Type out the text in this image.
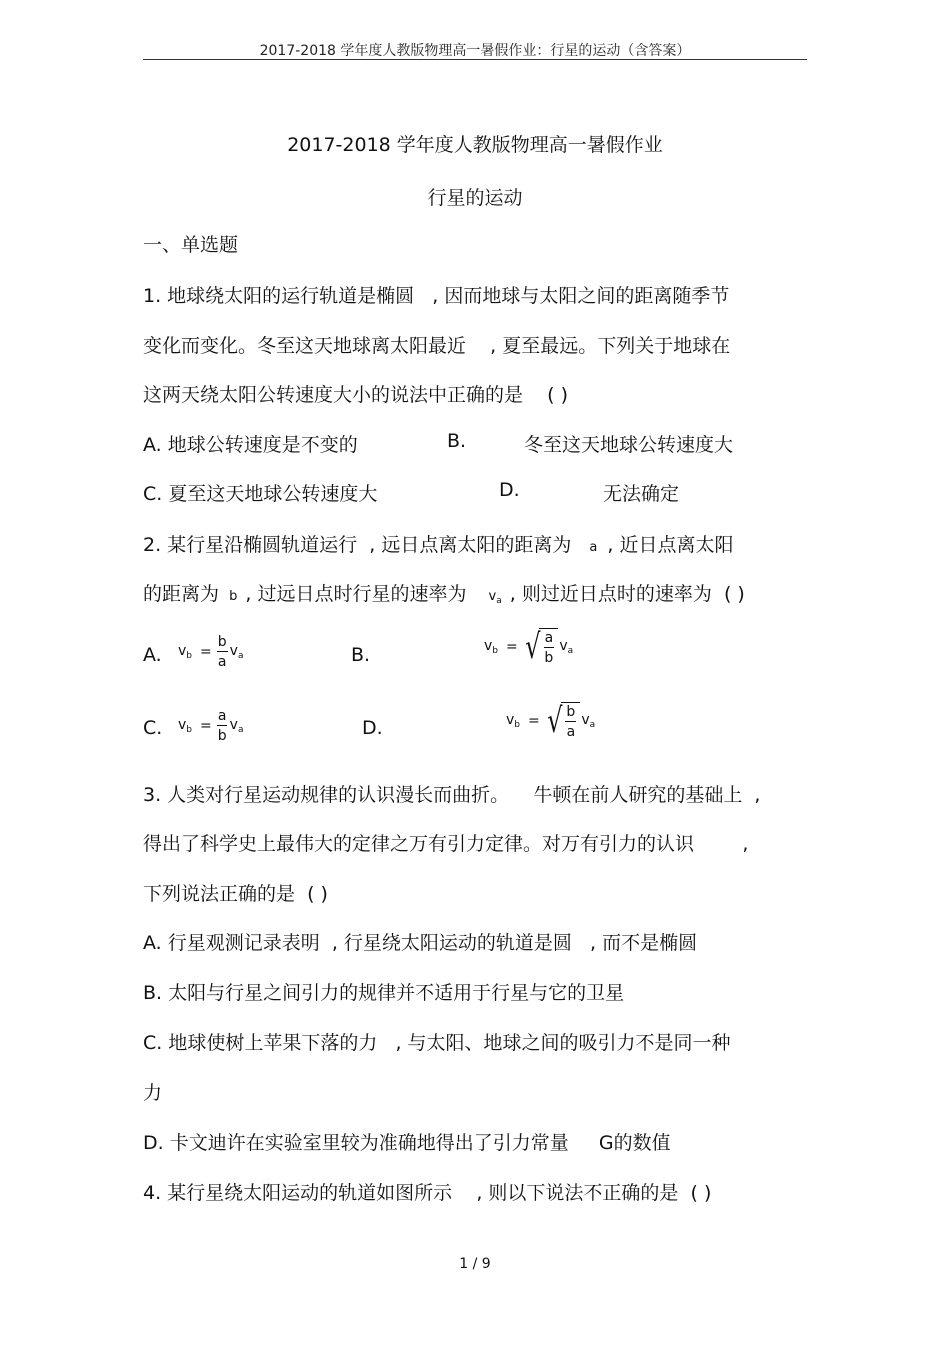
2017-2018 学年度人教版物理高一暑假作业：行星的运动（含答案）
2017-2018 学年度人教版物理高一暑假作业
行星的运动
一、单选题
1. 地球绕太阳的运行轨道是椭圆   , 因而地球与太阳之间的距离随季节
变化而变化。冬至这天地球离太阳最近    , 夏至最远。下列关于地球在
这两天绕太阳公转速度大小的说法中正确的是    ( )
A. 地球公转速度是不变的	B.	冬至这天地球公转速度大
C. 夏至这天地球公转速度大	D.	无法确定
2. 某行星沿椭圆轨道运行  , 远日点离太阳的距离为 a , 近日点离太阳
的距离为 b , 过远日点时行星的速率为 $v_a$ , 则过近日点时的速率为  ( )
A. $v_b = \frac{b}{a} v_a$	B.	$v_b$ = √ $\frac{a}{b} v_a$
C. $v_b = \frac{a}{b} v_a$	D.	$v_b$ = √ $\frac{b}{a} v_a$
3. 人类对行星运动规律的认识漫长而曲折。    牛顿在前人研究的基础上  ,
得出了科学史上最伟大的定律之万有引力定律。对万有引力的认识        ,
下列说法正确的是  ( )
A. 行星观测记录表明  , 行星绕太阳运动的轨道是圆   , 而不是椭圆
B. 太阳与行星之间引力的规律并不适用于行星与它的卫星
C. 地球使树上苹果下落的力   , 与太阳、地球之间的吸引力不是同一种
力
D. 卡文迪许在实验室里较为准确地得出了引力常量     G的数值
4. 某行星绕太阳运动的轨道如图所示    , 则以下说法不正确的是  ( )
1 / 9
